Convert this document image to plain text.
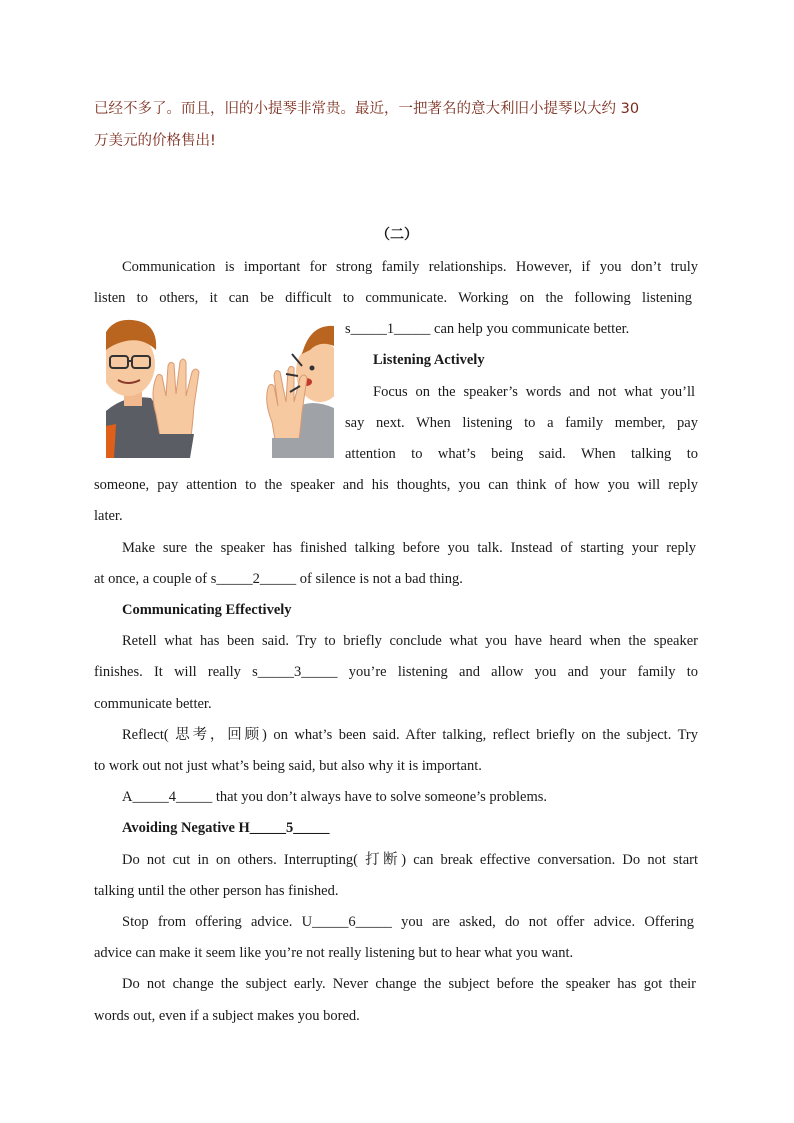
已经不多了。而且，旧的小提琴非常贵。最近，一把著名的意大利旧小提琴以大约 30
万美元的价格售出!
（二）
Communication is important for strong family relationships. However, if you don’t truly
listen to others, it can be difficult to communicate. Working on the following listening
s_____1_____ can help you communicate better.
Listening Actively
Focus on the speaker’s words and not what you’ll
say next. When listening to a family member, pay
attention to what’s being said. When talking to
someone, pay attention to the speaker and his thoughts, you can think of how you will reply
later.
Make sure the speaker has finished talking before you talk. Instead of starting your reply
at once, a couple of s_____2_____ of silence is not a bad thing.
Communicating Effectively
Retell what has been said. Try to briefly conclude what you have heard when the speaker
finishes. It will really s_____3_____ you’re listening and allow you and your family to
communicate better.
Reflect( 思考，回顾) on what’s been said. After talking, reflect briefly on the subject. Try
to work out not just what’s being said, but also why it is important.
A_____4_____ that you don’t always have to solve someone’s problems.
Avoiding Negative H_____5_____
Do not cut in on others. Interrupting( 打断) can break effective conversation. Do not start
talking until the other person has finished.
Stop from offering advice. U_____6_____ you are asked, do not offer advice. Offering
advice can make it seem like you’re not really listening but to hear what you want.
Do not change the subject early. Never change the subject before the speaker has got their
words out, even if a subject makes you bored.
